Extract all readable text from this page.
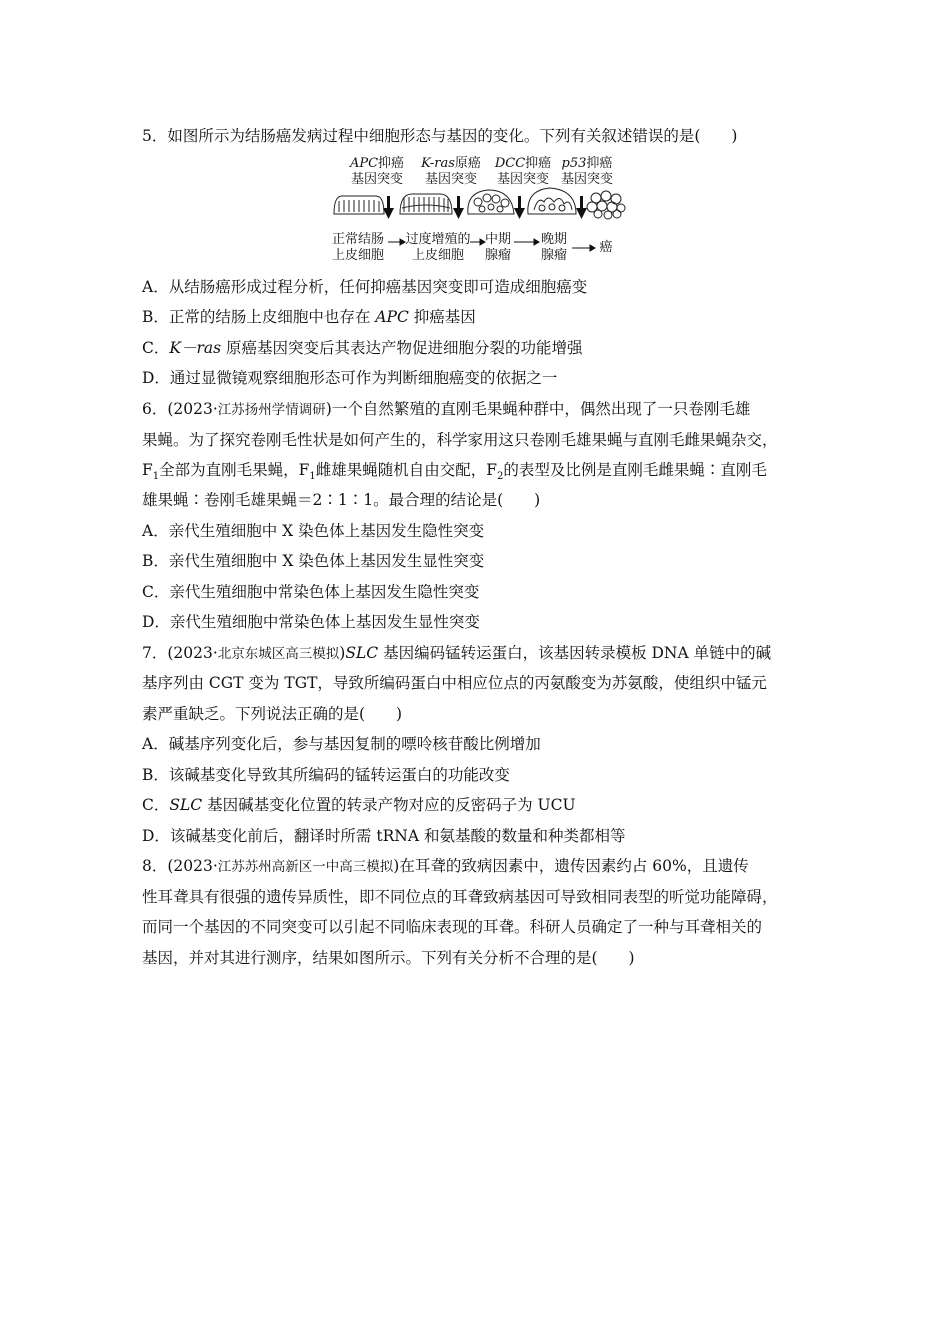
5．如图所示为结肠癌发病过程中细胞形态与基因的变化。下列有关叙述错误的是(　　)
APC抑癌
基因突变
K-ras原癌
基因突变
DCC抑癌
基因突变
p53抑癌
基因突变
正常结肠
上皮细胞
过度增殖的
上皮细胞
中期
腺瘤
晚期
腺瘤
癌
A．从结肠癌形成过程分析，任何抑癌基因突变即可造成细胞癌变
B．正常的结肠上皮细胞中也存在 APC 抑癌基因
C．K－ras 原癌基因突变后其表达产物促进细胞分裂的功能增强
D．通过显微镜观察细胞形态可作为判断细胞癌变的依据之一
6．(2023·江苏扬州学情调研)一个自然繁殖的直刚毛果蝇种群中，偶然出现了一只卷刚毛雄
果蝇。为了探究卷刚毛性状是如何产生的，科学家用这只卷刚毛雄果蝇与直刚毛雌果蝇杂交，
$F_1$全部为直刚毛果蝇，$F_1$雌雄果蝇随机自由交配，$F_2$的表型及比例是直刚毛雌果蝇∶直刚毛
雄果蝇∶卷刚毛雄果蝇＝2∶1∶1。最合理的结论是(　　)
A．亲代生殖细胞中 X 染色体上基因发生隐性突变
B．亲代生殖细胞中 X 染色体上基因发生显性突变
C．亲代生殖细胞中常染色体上基因发生隐性突变
D．亲代生殖细胞中常染色体上基因发生显性突变
7．(2023·北京东城区高三模拟)SLC 基因编码锰转运蛋白，该基因转录模板 DNA 单链中的碱
基序列由 CGT 变为 TGT，导致所编码蛋白中相应位点的丙氨酸变为苏氨酸，使组织中锰元
素严重缺乏。下列说法正确的是(　　)
A．碱基序列变化后，参与基因复制的嘌呤核苷酸比例增加
B．该碱基变化导致其所编码的锰转运蛋白的功能改变
C．SLC 基因碱基变化位置的转录产物对应的反密码子为 UCU
D．该碱基变化前后，翻译时所需 tRNA 和氨基酸的数量和种类都相等
8．(2023·江苏苏州高新区一中高三模拟)在耳聋的致病因素中，遗传因素约占 60%，且遗传
性耳聋具有很强的遗传异质性，即不同位点的耳聋致病基因可导致相同表型的听觉功能障碍，
而同一个基因的不同突变可以引起不同临床表现的耳聋。科研人员确定了一种与耳聋相关的
基因，并对其进行测序，结果如图所示。下列有关分析不合理的是(　　)
